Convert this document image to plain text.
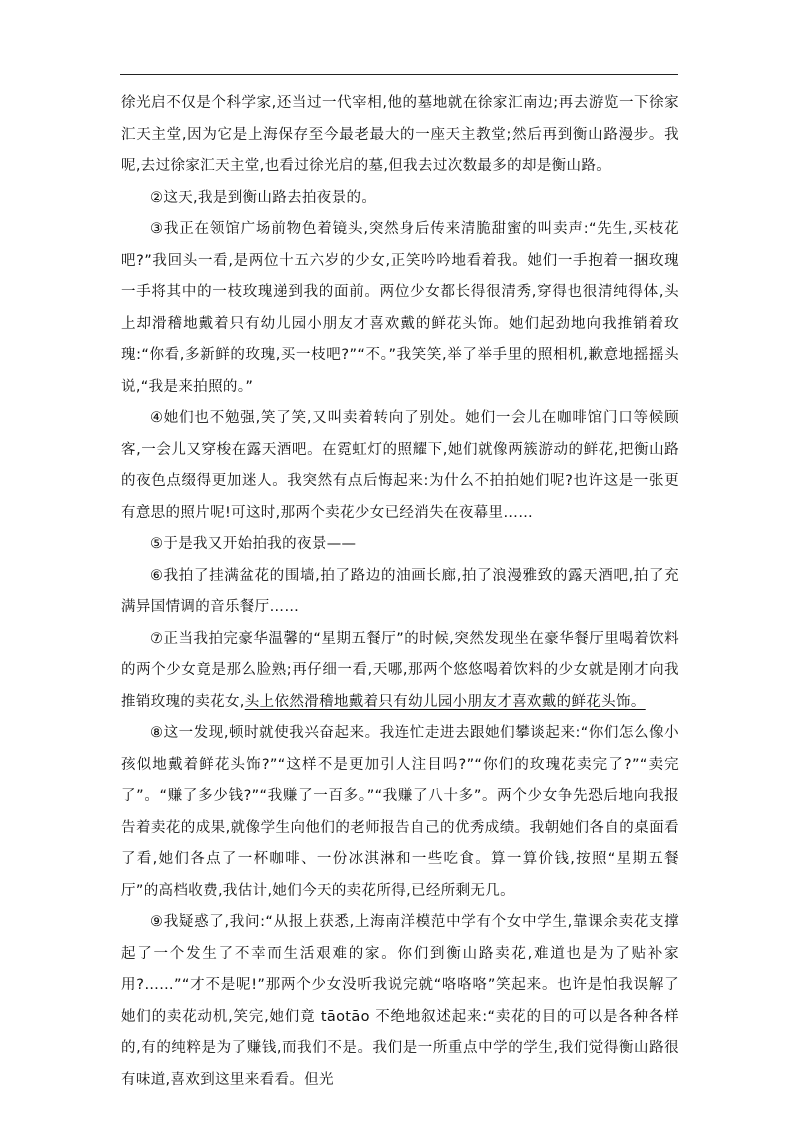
徐光启不仅是个科学家,还当过一代宰相,他的墓地就在徐家汇南边;再去游览一下徐家汇天主堂,因为它是上海保存至今最老最大的一座天主教堂;然后再到衡山路漫步。我呢,去过徐家汇天主堂,也看过徐光启的墓,但我去过次数最多的却是衡山路。

②这天,我是到衡山路去拍夜景的。

③我正在领馆广场前物色着镜头,突然身后传来清脆甜蜜的叫卖声:“先生,买枝花吧?”我回头一看,是两位十五六岁的少女,正笑吟吟地看着我。她们一手抱着一捆玫瑰一手将其中的一枝玫瑰递到我的面前。两位少女都长得很清秀,穿得也很清纯得体,头上却滑稽地戴着只有幼儿园小朋友才喜欢戴的鲜花头饰。她们起劲地向我推销着玫瑰:“你看,多新鲜的玫瑰,买一枝吧?”“不。”我笑笑,举了举手里的照相机,歉意地摇摇头说,“我是来拍照的。”

④她们也不勉强,笑了笑,又叫卖着转向了别处。她们一会儿在咖啡馆门口等候顾客,一会儿又穿梭在露天酒吧。在霓虹灯的照耀下,她们就像两簇游动的鲜花,把衡山路的夜色点缀得更加迷人。我突然有点后悔起来:为什么不拍拍她们呢?也许这是一张更有意思的照片呢!可这时,那两个卖花少女已经消失在夜幕里……

⑤于是我又开始拍我的夜景——

⑥我拍了挂满盆花的围墙,拍了路边的油画长廊,拍了浪漫雅致的露天酒吧,拍了充满异国情调的音乐餐厅……

⑦正当我拍完豪华温馨的“星期五餐厅”的时候,突然发现坐在豪华餐厅里喝着饮料的两个少女竟是那么脸熟;再仔细一看,天哪,那两个悠悠喝着饮料的少女就是刚才向我推销玫瑰的卖花女,头上依然滑稽地戴着只有幼儿园小朋友才喜欢戴的鲜花头饰。

⑧这一发现,顿时就使我兴奋起来。我连忙走进去跟她们攀谈起来:“你们怎么像小孩似地戴着鲜花头饰?”“这样不是更加引人注目吗?”“你们的玫瑰花卖完了?”“卖完了”。“赚了多少钱?”“我赚了一百多。”“我赚了八十多”。两个少女争先恐后地向我报告着卖花的成果,就像学生向他们的老师报告自己的优秀成绩。我朝她们各自的桌面看了看,她们各点了一杯咖啡、一份冰淇淋和一些吃食。算一算价钱,按照“星期五餐厅”的高档收费,我估计,她们今天的卖花所得,已经所剩无几。

⑨我疑惑了,我问:“从报上获悉,上海南洋模范中学有个女中学生,靠课余卖花支撑起了一个发生了不幸而生活艰难的家。你们到衡山路卖花,难道也是为了贴补家用?……”“才不是呢!”那两个少女没听我说完就“咯咯咯”笑起来。也许是怕我误解了她们的卖花动机,笑完,她们竟 tāotāo 不绝地叙述起来:“卖花的目的可以是各种各样的,有的纯粹是为了赚钱,而我们不是。我们是一所重点中学的学生,我们觉得衡山路很有味道,喜欢到这里来看看。但光
